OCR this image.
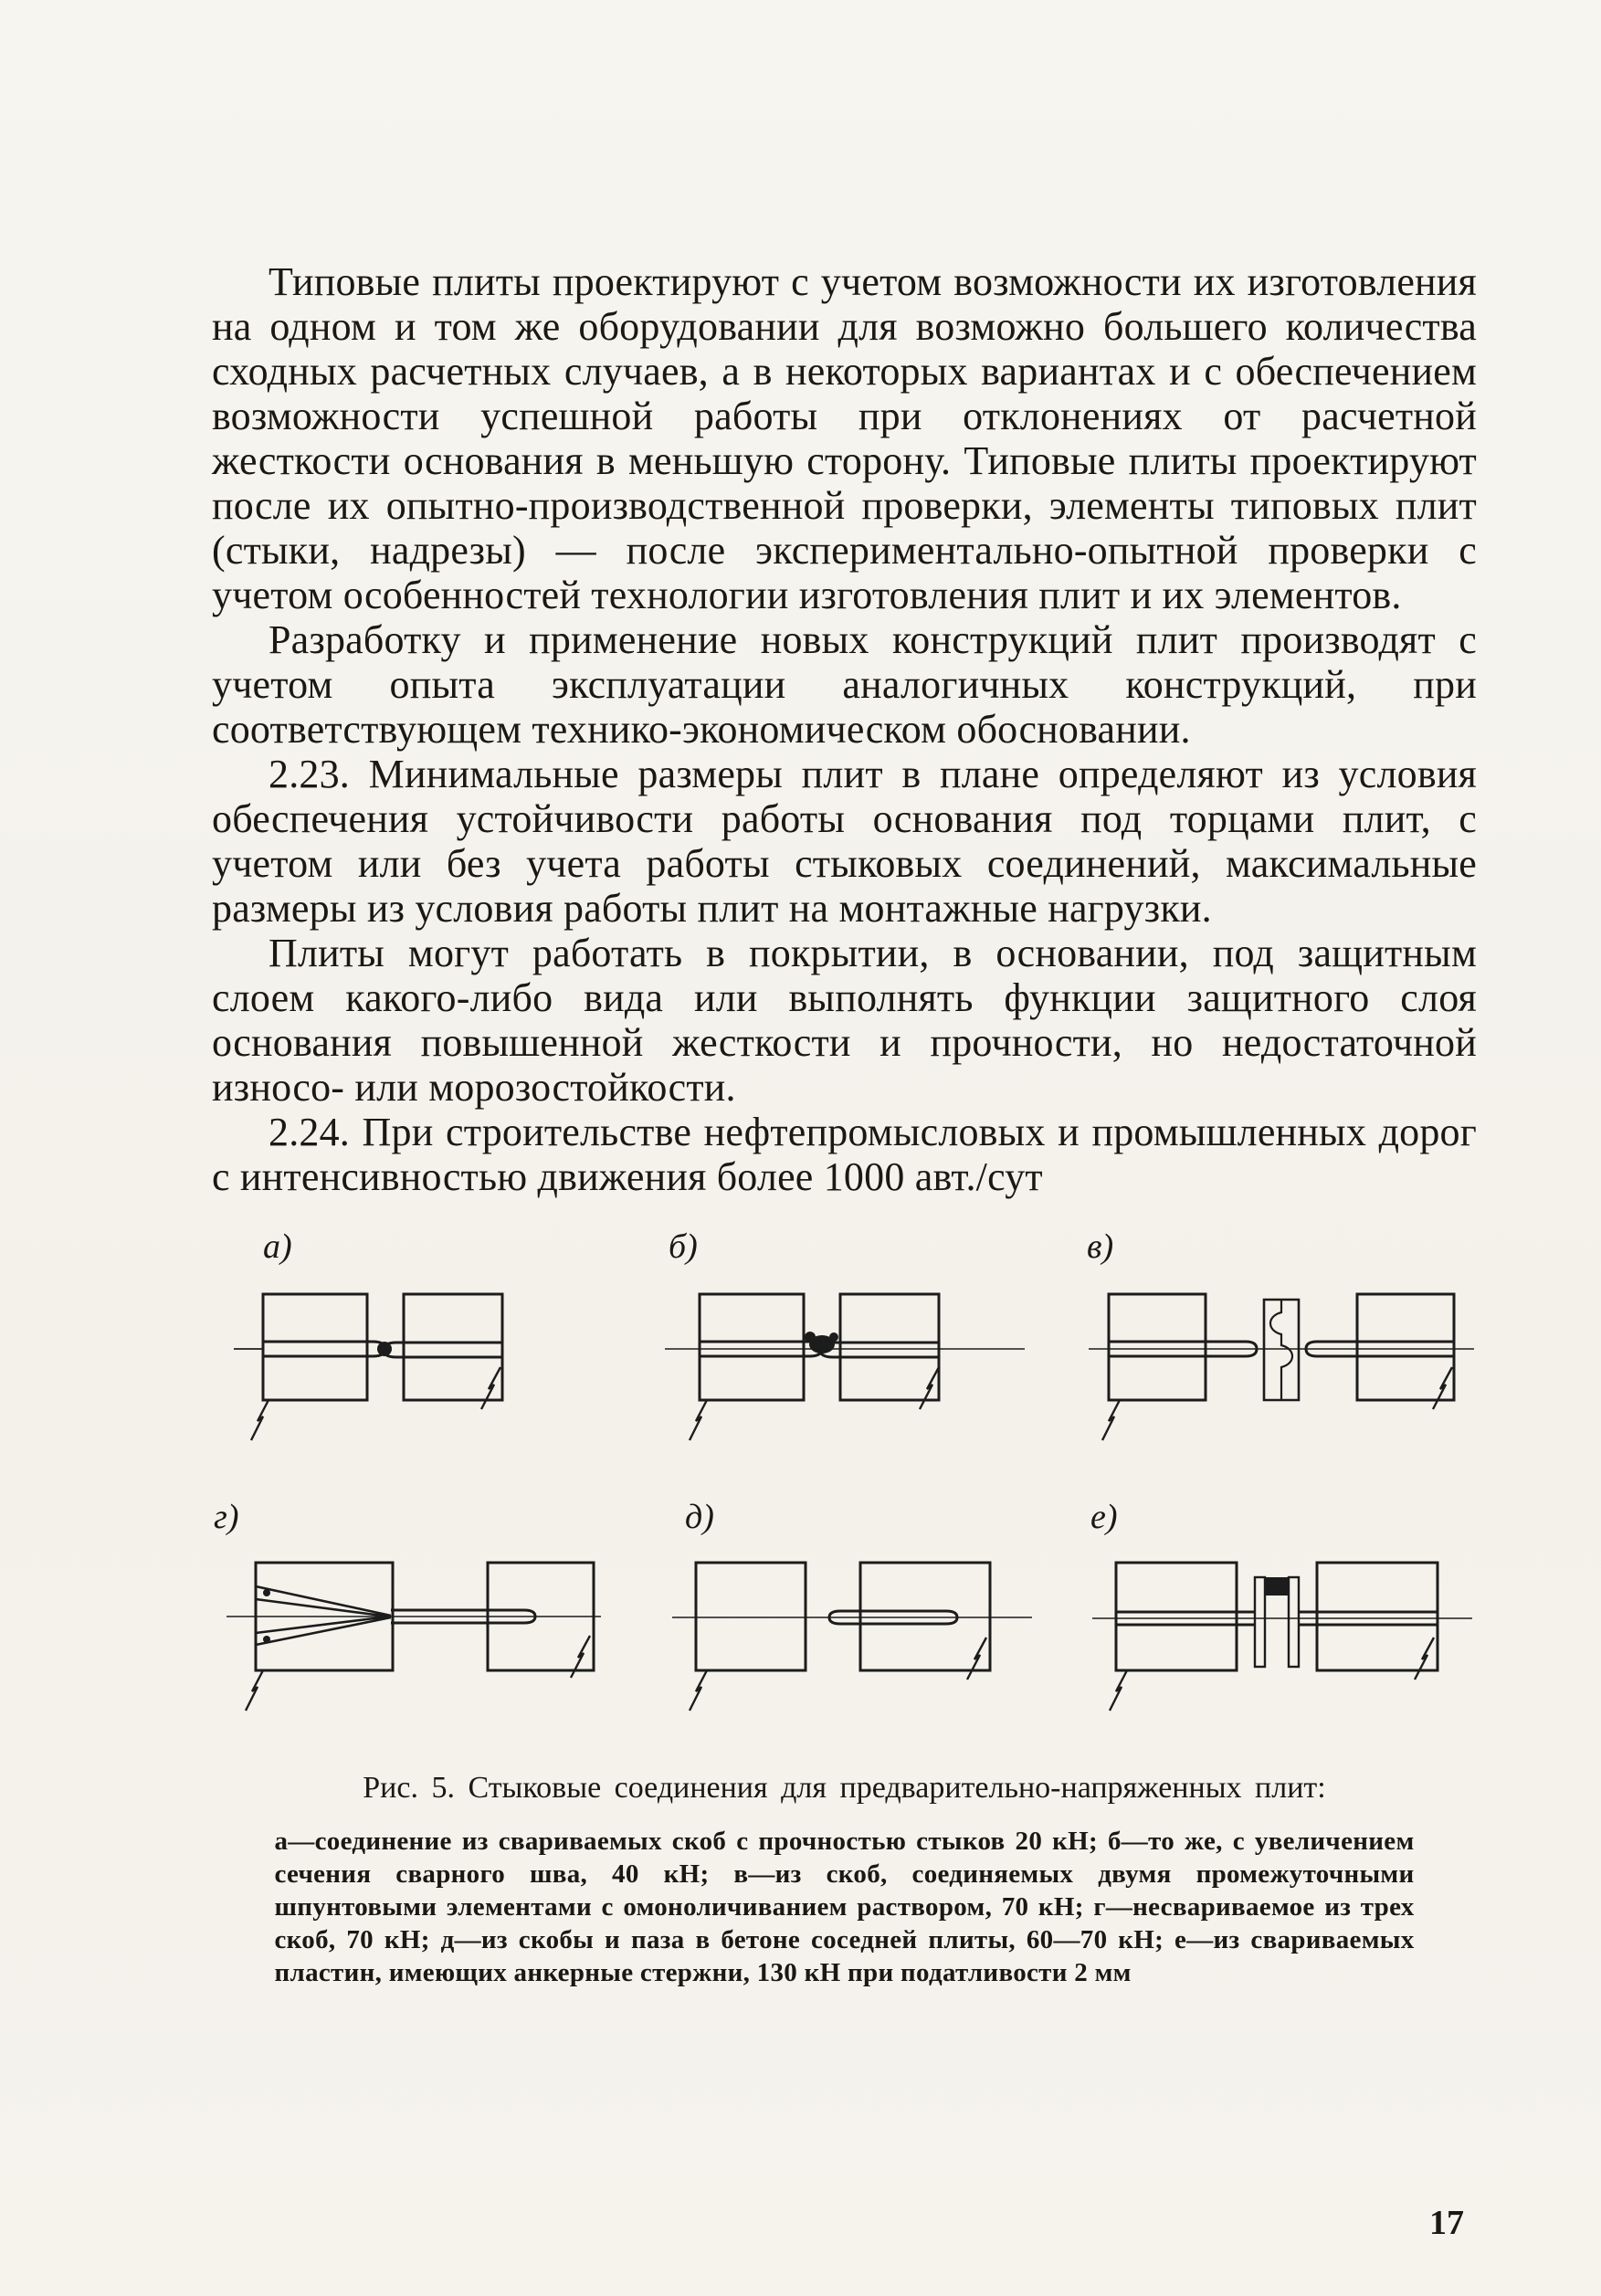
Типовые плиты проектируют с учетом возможности их изготовления на одном и том же оборудовании для возможно большего количества сходных расчетных случаев, а в некоторых вариантах и с обеспечением возможности успешной работы при отклонениях от расчетной жесткости основания в меньшую сторону. Типовые плиты проектируют после их опытно-производственной проверки, элементы типовых плит (стыки, надрезы) — после экспериментально-опытной проверки с учетом особенностей технологии изготовления плит и их элементов.

Разработку и применение новых конструкций плит производят с учетом опыта эксплуатации аналогичных конструкций, при соответствующем технико-экономическом обосновании.

2.23. Минимальные размеры плит в плане определяют из условия обеспечения устойчивости работы основания под торцами плит, с учетом или без учета работы стыковых соединений, максимальные размеры из условия работы плит на монтажные нагрузки.

Плиты могут работать в покрытии, в основании, под защитным слоем какого-либо вида или выполнять функции защитного слоя основания повышенной жесткости и прочности, но недостаточной износо- или морозостойкости.

2.24. При строительстве нефтепромысловых и промышленных дорог с интенсивностью движения более 1000 авт./сут

а)	б)	в)
г)	д)	е)
Рис. 5. Стыковые соединения для предварительно-напряженных плит:
а—соединение из свариваемых скоб с прочностью стыков 20 кН; б—то же, с увеличением сечения сварного шва, 40 кН; в—из скоб, соединяемых двумя промежуточными шпунтовыми элементами с омоноличиванием раствором, 70 кН; г—несвариваемое из трех скоб, 70 кН; д—из скобы и паза в бетоне соседней плиты, 60—70 кН; е—из свариваемых пластин, имеющих анкерные стержни, 130 кН при податливости 2 мм
17
